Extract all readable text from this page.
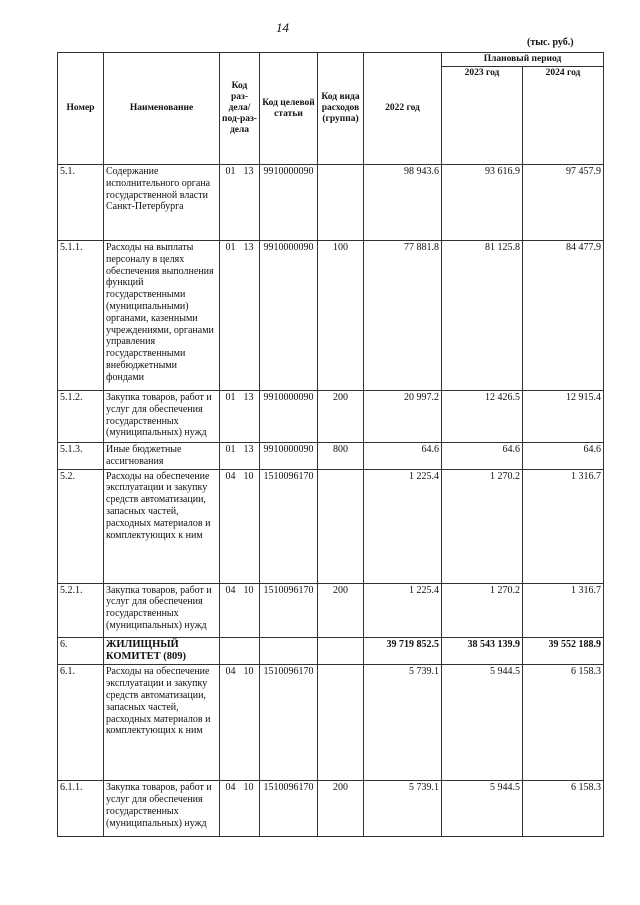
14
(тыс. руб.)
Номер	Наименование	Код раз-дела/ под-раз-дела	Код целевой статьи	Код вида расходов (группа)	2022 год	Плановый период	
						2023 год	2024 год
5.1.	Содержание исполнительного органа государственной власти Санкт-Петербурга	01 13	9910000090		98 943.6	93 616.9	97 457.9
5.1.1.	Расходы на выплаты персоналу в целях обеспечения выполнения функций государственными (муниципальными) органами, казенными учреждениями, органами управления государственными внебюджетными фондами	01 13	9910000090	100	77 881.8	81 125.8	84 477.9
5.1.2.	Закупка товаров, работ и услуг для обеспечения государственных (муниципальных) нужд	01 13	9910000090	200	20 997.2	12 426.5	12 915.4
5.1.3.	Иные бюджетные ассигнования	01 13	9910000090	800	64.6	64.6	64.6
5.2.	Расходы на обеспечение эксплуатации и закупку средств автоматизации, запасных частей, расходных материалов и комплектующих к ним	04 10	1510096170		1 225.4	1 270.2	1 316.7
5.2.1.	Закупка товаров, работ и услуг для обеспечения государственных (муниципальных) нужд	04 10	1510096170	200	1 225.4	1 270.2	1 316.7
6.	ЖИЛИЩНЫЙ КОМИТЕТ (809)				39 719 852.5	38 543 139.9	39 552 188.9
6.1.	Расходы на обеспечение эксплуатации и закупку средств автоматизации, запасных частей, расходных материалов и комплектующих к ним	04 10	1510096170		5 739.1	5 944.5	6 158.3
6.1.1.	Закупка товаров, работ и услуг для обеспечения государственных (муниципальных) нужд	04 10	1510096170	200	5 739.1	5 944.5	6 158.3
